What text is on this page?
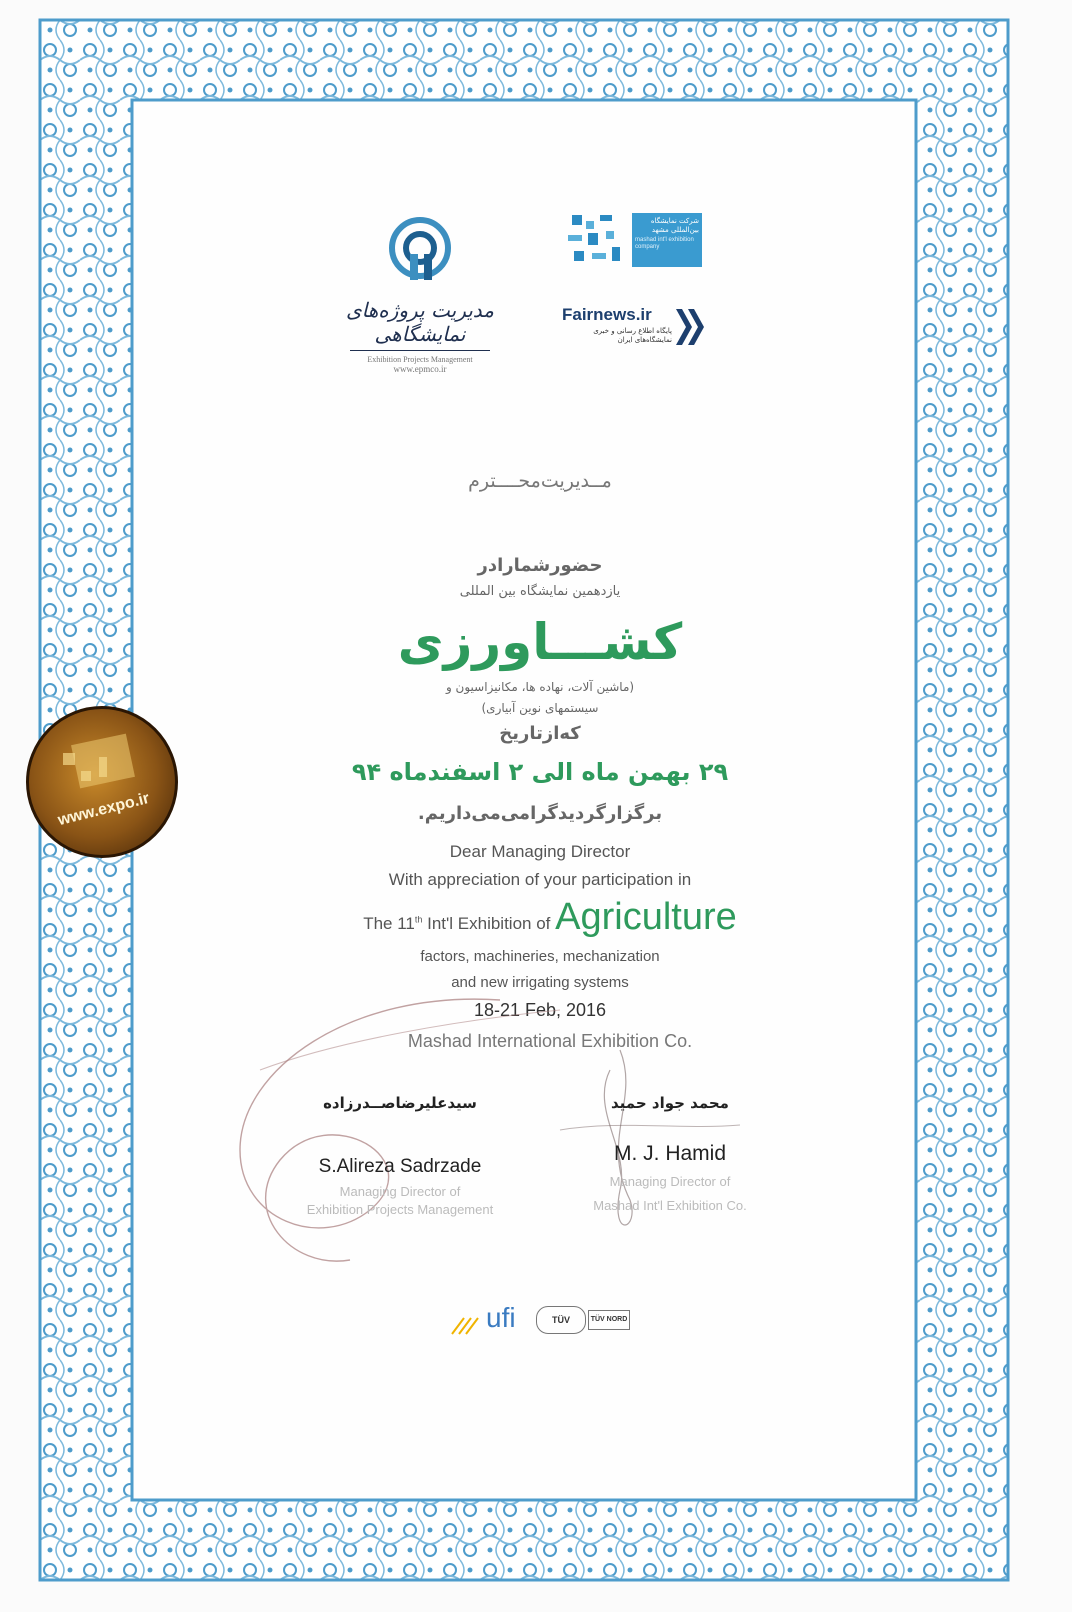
مدیریت پروژه‌های نمایشگاهی
Exhibition Projects Management
www.epmco.ir
شرکت نمایشگاه بین‌المللی مشهد
mashad int'l exhibition company
Fairnews.ir
پایگاه اطلاع رسانی و خبری نمایشگاه‌های ایران
مــدیریت‌محــــترم
حضورشمارادر
یازدهمین نمایشگاه بین المللی
کشـــاورزی
(ماشین آلات، نهاده ها، مکانیزاسیون و
سیستمهای نوین آبیاری)
که‌ازتاریخ
۲۹ بهمن ماه الی ۲ اسفندماه ۹۴
برگزارگردیدگرامی‌می‌داریم.
Dear Managing Director
With appreciation of your participation in
The 11th Int'l Exhibition of Agriculture
factors, machineries, mechanization
and new irrigating systems
18-21 Feb, 2016
Mashad International Exhibition Co.
سیدعلیرضاصــدرزاده
S.Alireza Sadrzade
Managing Director of
Exhibition Projects Management
محمد جواد حمید
M. J. Hamid
Managing Director of
Mashad Int'l Exhibition Co.
www.expo.ir
ufi	TÜV	TÜV NORD
